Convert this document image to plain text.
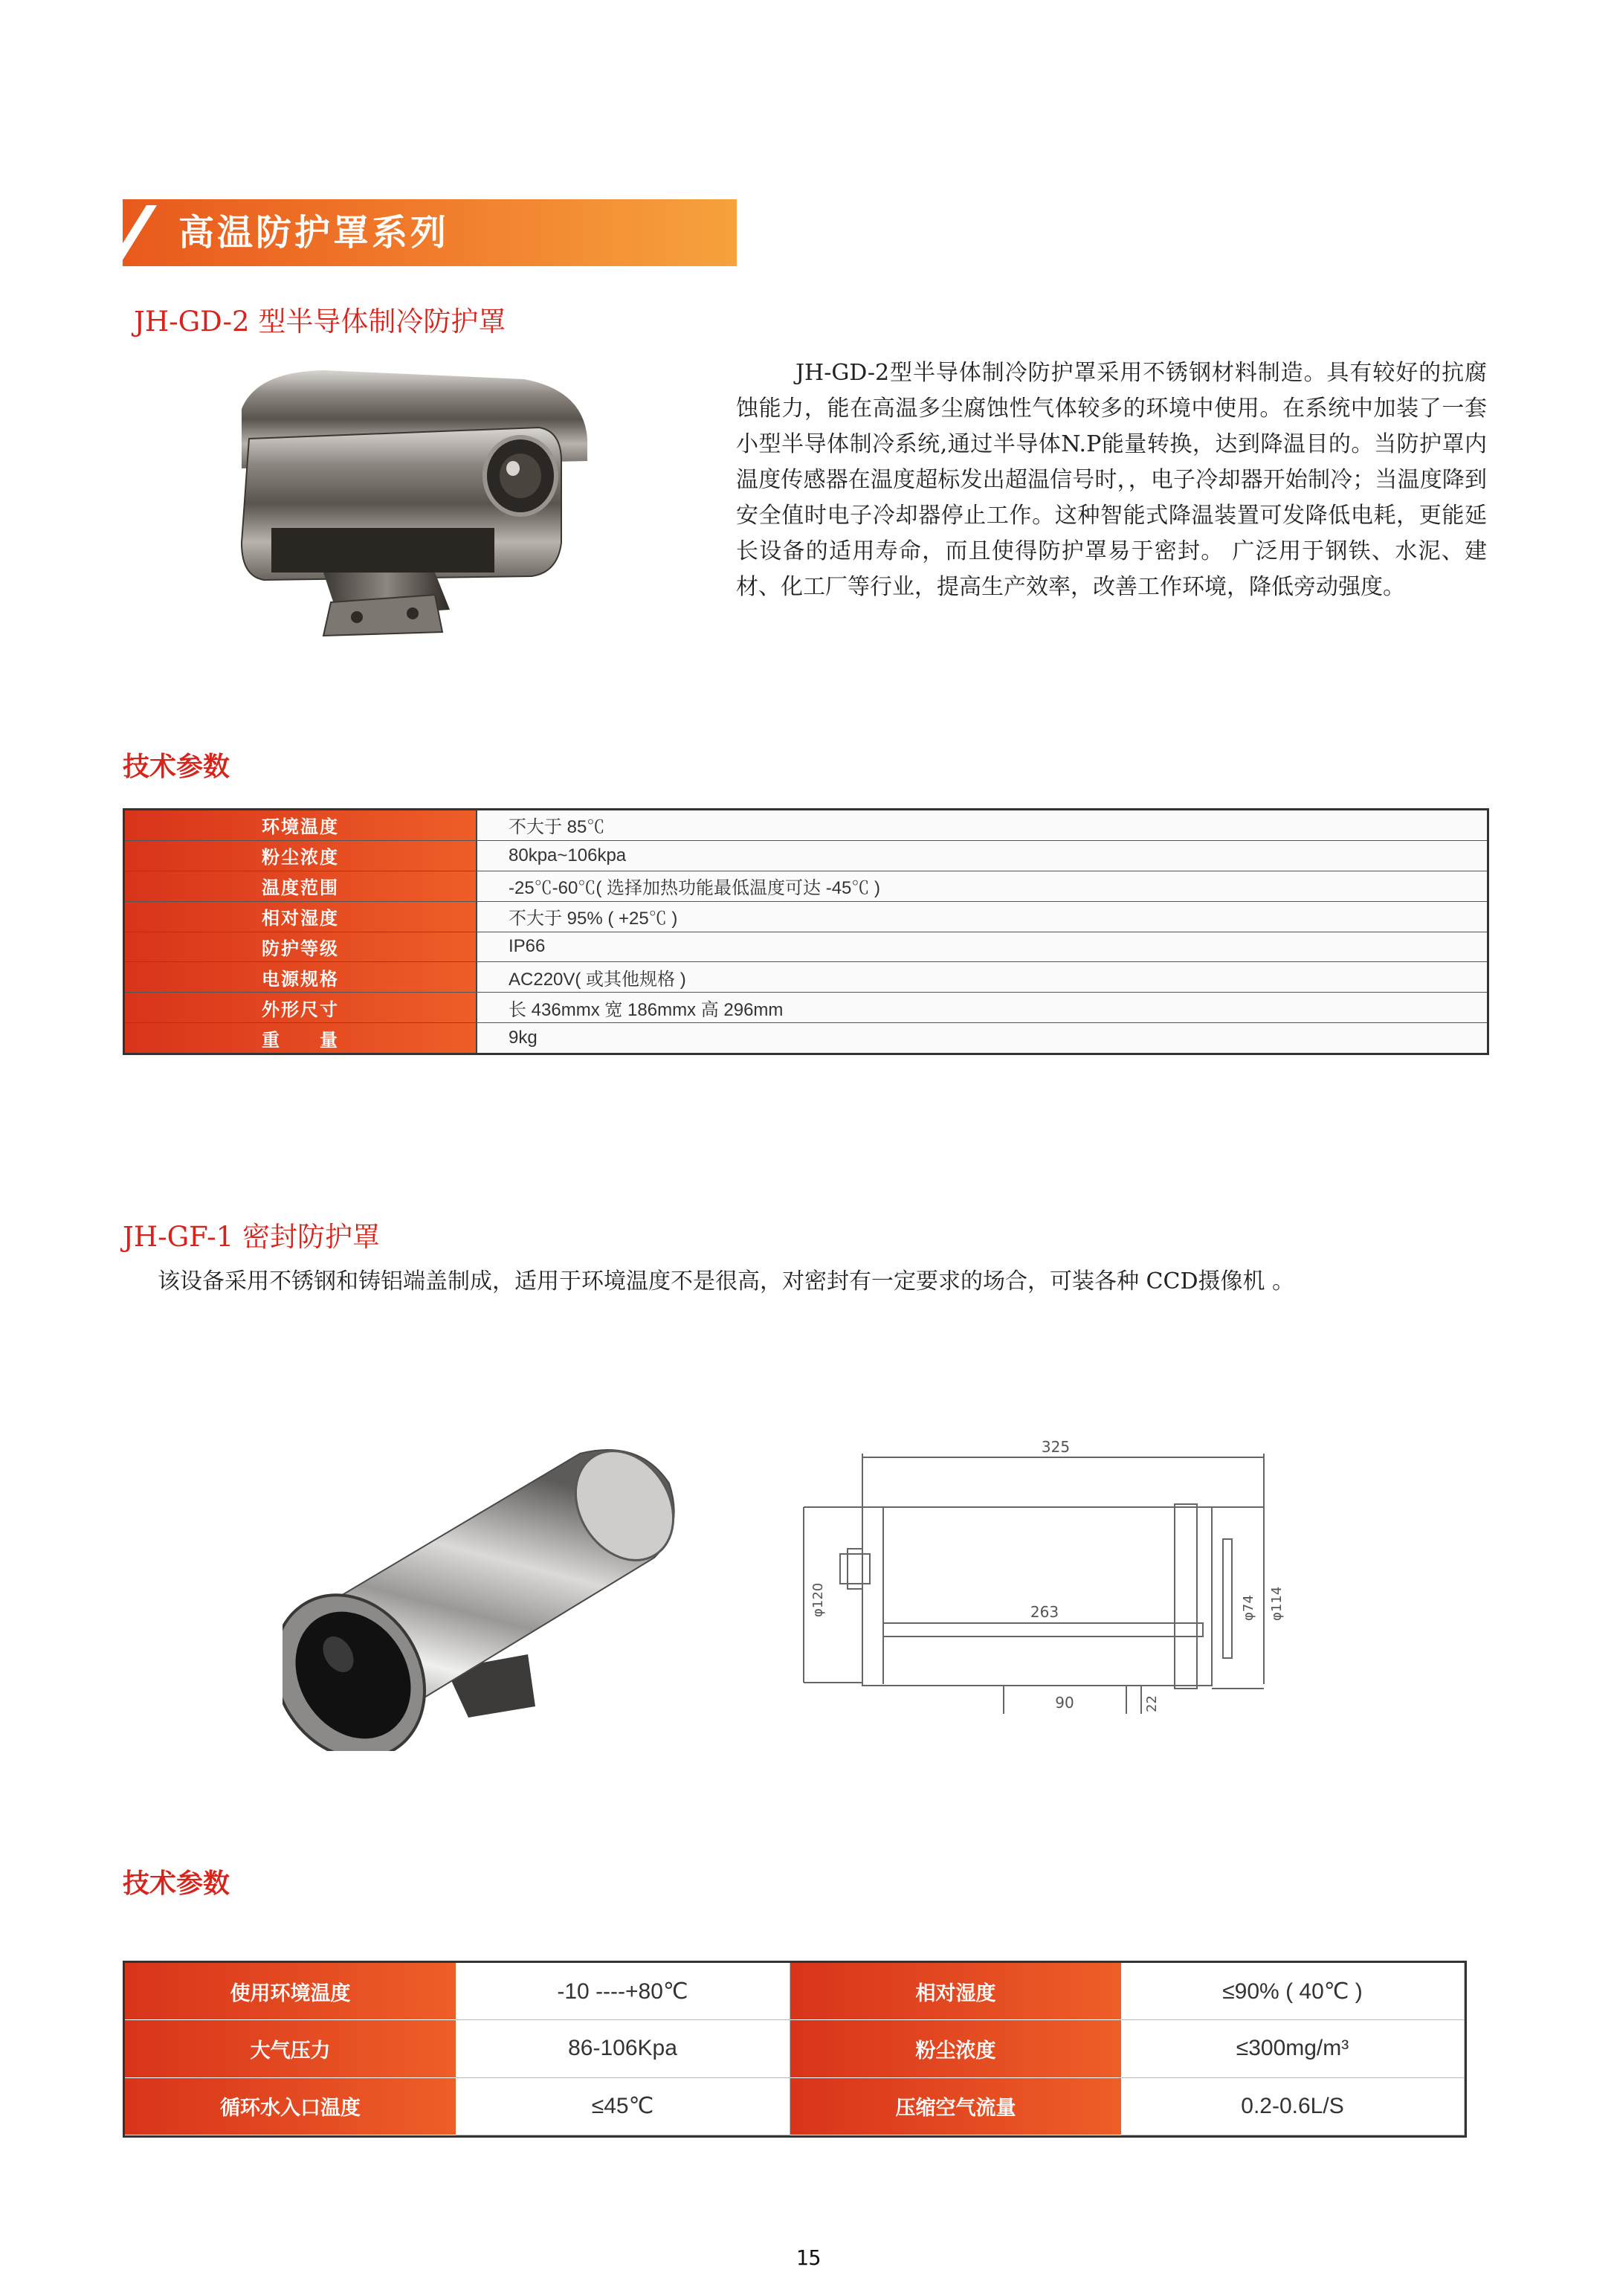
高温防护罩系列
JH-GD-2 型半导体制冷防护罩
JH-GD-2型半导体制冷防护罩采用不锈钢材料制造。具有较好的抗腐蚀能力，能在高温多尘腐蚀性气体较多的环境中使用。在系统中加装了一套小型半导体制冷系统,通过半导体N.P能量转换，达到降温目的。当防护罩内温度传感器在温度超标发出超温信号时，，电子冷却器开始制冷；当温度降到安全值时电子冷却器停止工作。这种智能式降温装置可发降低电耗，更能延长设备的适用寿命，而且使得防护罩易于密封。 广泛用于钢铁、水泥、建材、化工厂等行业，提高生产效率，改善工作环境，降低旁动强度。
技术参数
环境温度	不大于 85℃
粉尘浓度	80kpa~106kpa
温度范围	-25℃-60℃( 选择加热功能最低温度可达 -45℃ )
相对湿度	不大于 95% ( +25℃ )
防护等级	IP66
电源规格	AC220V( 或其他规格 )
外形尺寸	长 436mmx 宽 186mmx 高 296mm
重　　量	9kg
JH-GF-1 密封防护罩
该设备采用不锈钢和铸铝端盖制成，适用于环境温度不是很高，对密封有一定要求的场合，可装各种 CCD摄像机 。
325
263
φ120	φ74 φ114
90	22
技术参数
使用环境温度	-10 ----+80℃	相对湿度	≤90% ( 40℃ )
大气压力	86-106Kpa	粉尘浓度	≤300mg/m³
循环水入口温度	≤45℃	压缩空气流量	0.2-0.6L/S
15
